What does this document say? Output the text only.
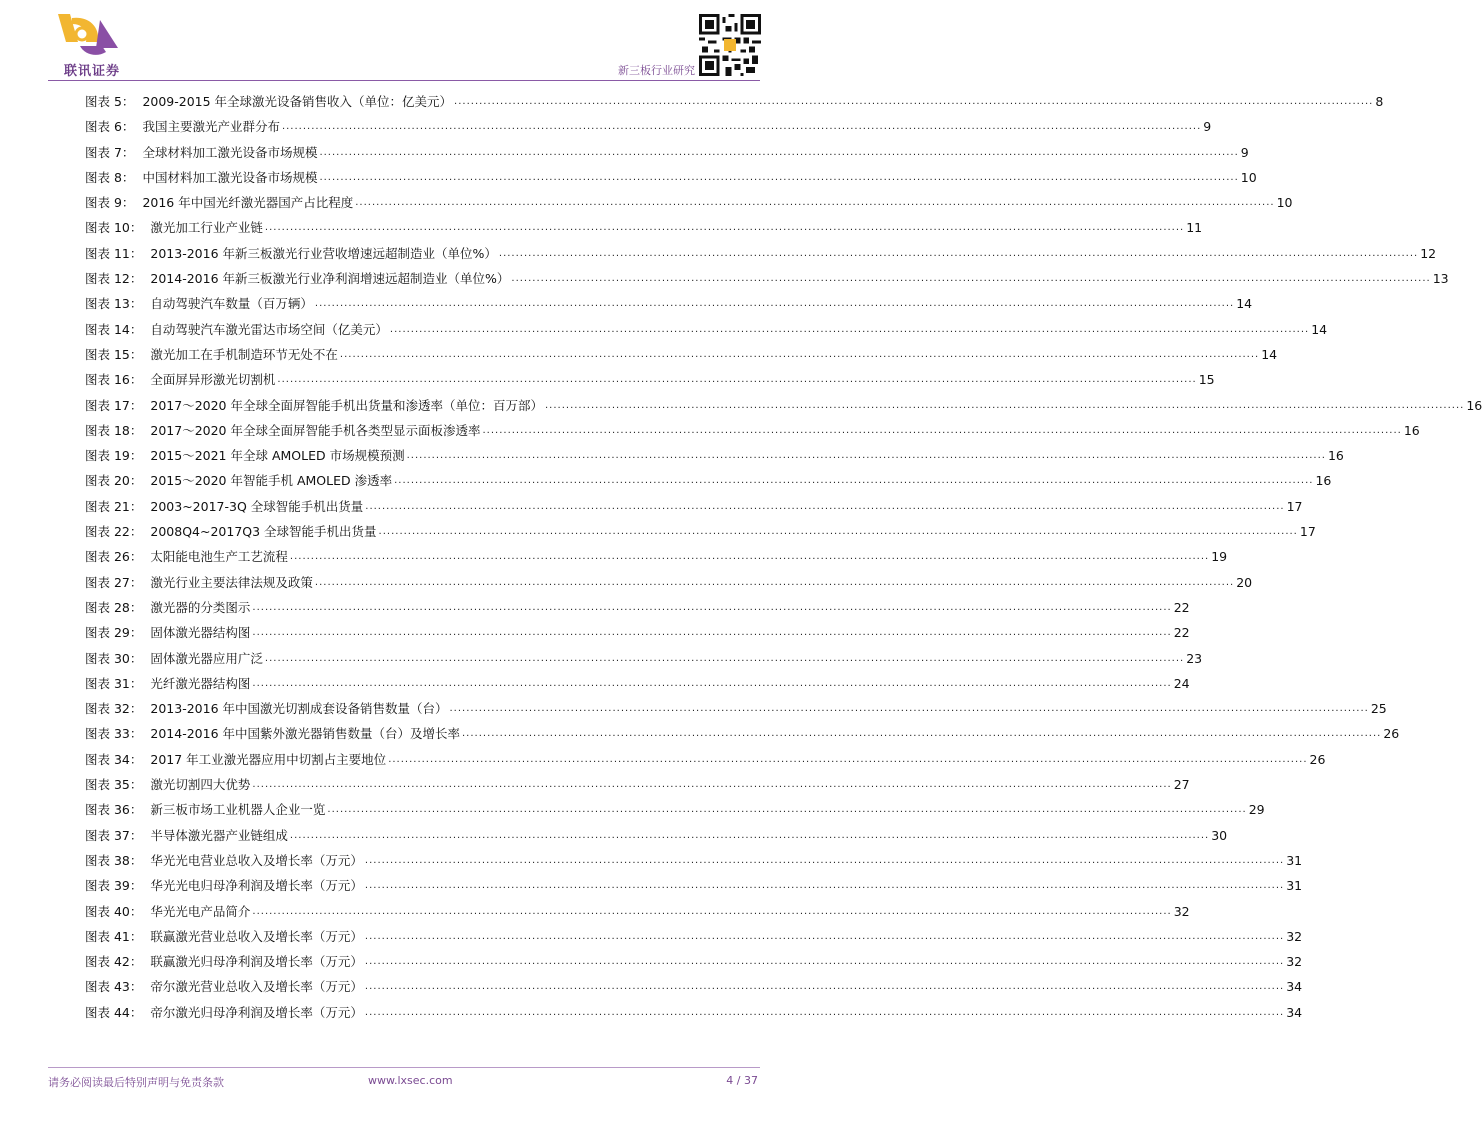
联讯证券	新三板行业研究
图表 5： 2009-2015 年全球激光设备销售收入（单位：亿美元） ............................................................................................................................................................................................................................ 8
图表 6： 我国主要激光产业群分布 ............................................................................................................................................................................................................................ 9
图表 7： 全球材料加工激光设备市场规模 ............................................................................................................................................................................................................................ 9
图表 8： 中国材料加工激光设备市场规模 ............................................................................................................................................................................................................................ 10
图表 9： 2016 年中国光纤激光器国产占比程度 ............................................................................................................................................................................................................................ 10
图表 10： 激光加工行业产业链 ............................................................................................................................................................................................................................ 11
图表 11： 2013-2016 年新三板激光行业营收增速远超制造业（单位%） ............................................................................................................................................................................................................................ 12
图表 12： 2014-2016 年新三板激光行业净利润增速远超制造业（单位%） ............................................................................................................................................................................................................................ 13
图表 13： 自动驾驶汽车数量（百万辆） ............................................................................................................................................................................................................................ 14
图表 14： 自动驾驶汽车激光雷达市场空间（亿美元） ............................................................................................................................................................................................................................ 14
图表 15： 激光加工在手机制造环节无处不在 ............................................................................................................................................................................................................................ 14
图表 16： 全面屏异形激光切割机 ............................................................................................................................................................................................................................ 15
图表 17： 2017～2020 年全球全面屏智能手机出货量和渗透率（单位：百万部） ............................................................................................................................................................................................................................ 16
图表 18： 2017～2020 年全球全面屏智能手机各类型显示面板渗透率 ............................................................................................................................................................................................................................ 16
图表 19： 2015～2021 年全球 AMOLED 市场规模预测 ............................................................................................................................................................................................................................ 16
图表 20： 2015～2020 年智能手机 AMOLED 渗透率 ............................................................................................................................................................................................................................ 16
图表 21： 2003~2017-3Q 全球智能手机出货量 ............................................................................................................................................................................................................................ 17
图表 22： 2008Q4~2017Q3 全球智能手机出货量 ............................................................................................................................................................................................................................ 17
图表 26： 太阳能电池生产工艺流程 ............................................................................................................................................................................................................................ 19
图表 27： 激光行业主要法律法规及政策 ............................................................................................................................................................................................................................ 20
图表 28： 激光器的分类图示 ............................................................................................................................................................................................................................ 22
图表 29： 固体激光器结构图 ............................................................................................................................................................................................................................ 22
图表 30： 固体激光器应用广泛 ............................................................................................................................................................................................................................ 23
图表 31： 光纤激光器结构图 ............................................................................................................................................................................................................................ 24
图表 32： 2013-2016 年中国激光切割成套设备销售数量（台） ............................................................................................................................................................................................................................ 25
图表 33： 2014-2016 年中国紫外激光器销售数量（台）及增长率 ............................................................................................................................................................................................................................ 26
图表 34： 2017 年工业激光器应用中切割占主要地位 ............................................................................................................................................................................................................................ 26
图表 35： 激光切割四大优势 ............................................................................................................................................................................................................................ 27
图表 36： 新三板市场工业机器人企业一览 ............................................................................................................................................................................................................................ 29
图表 37： 半导体激光器产业链组成 ............................................................................................................................................................................................................................ 30
图表 38： 华光光电营业总收入及增长率（万元） ............................................................................................................................................................................................................................ 31
图表 39： 华光光电归母净利润及增长率（万元） ............................................................................................................................................................................................................................ 31
图表 40： 华光光电产品简介 ............................................................................................................................................................................................................................ 32
图表 41： 联赢激光营业总收入及增长率（万元） ............................................................................................................................................................................................................................ 32
图表 42： 联赢激光归母净利润及增长率（万元） ............................................................................................................................................................................................................................ 32
图表 43： 帝尔激光营业总收入及增长率（万元） ............................................................................................................................................................................................................................ 34
图表 44： 帝尔激光归母净利润及增长率（万元） ............................................................................................................................................................................................................................ 34
请务必阅读最后特别声明与免责条款	www.lxsec.com	4 / 37
